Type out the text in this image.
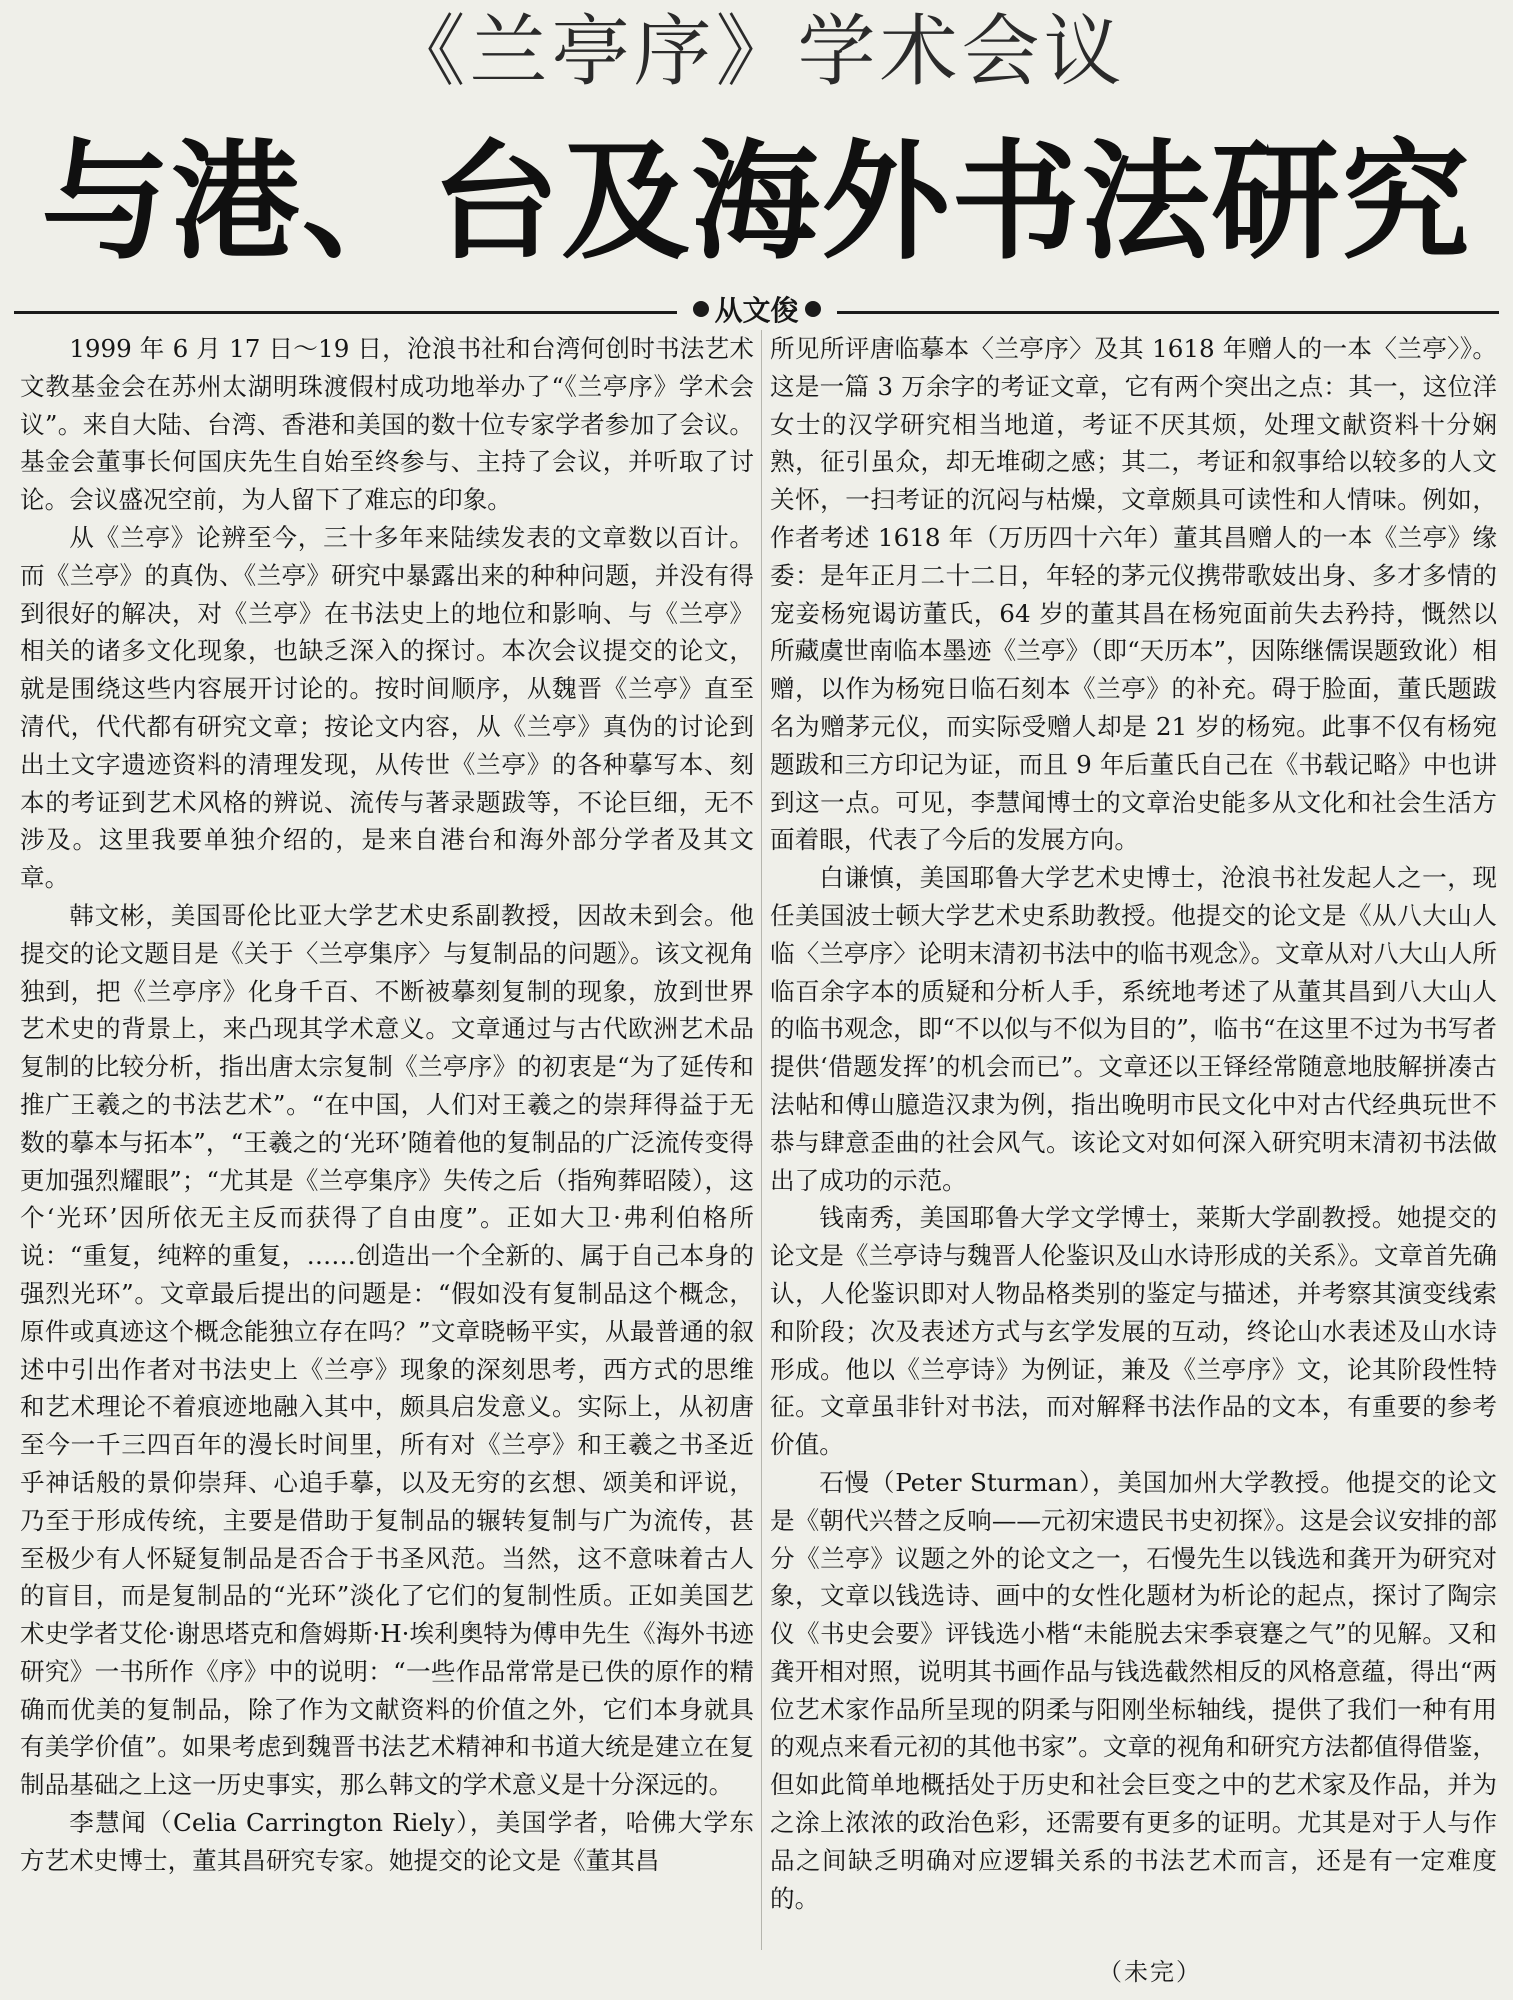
《兰亭序》学术会议
与港、台及海外书法研究
从文俊

1999 年 6 月 17 日～19 日，沧浪书社和台湾何创时书法艺术文教基金会在苏州太湖明珠渡假村成功地举办了“《兰亭序》学术会议”。来自大陆、台湾、香港和美国的数十位专家学者参加了会议。基金会董事长何国庆先生自始至终参与、主持了会议，并听取了讨论。会议盛况空前，为人留下了难忘的印象。

从《兰亭》论辨至今，三十多年来陆续发表的文章数以百计。而《兰亭》的真伪、《兰亭》研究中暴露出来的种种问题，并没有得到很好的解决，对《兰亭》在书法史上的地位和影响、与《兰亭》相关的诸多文化现象，也缺乏深入的探讨。本次会议提交的论文，就是围绕这些内容展开讨论的。按时间顺序，从魏晋《兰亭》直至清代，代代都有研究文章；按论文内容，从《兰亭》真伪的讨论到出土文字遗迹资料的清理发现，从传世《兰亭》的各种摹写本、刻本的考证到艺术风格的辨说、流传与著录题跋等，不论巨细，无不涉及。这里我要单独介绍的，是来自港台和海外部分学者及其文章。

韩文彬，美国哥伦比亚大学艺术史系副教授，因故未到会。他提交的论文题目是《关于〈兰亭集序〉与复制品的问题》。该文视角独到，把《兰亭序》化身千百、不断被摹刻复制的现象，放到世界艺术史的背景上，来凸现其学术意义。文章通过与古代欧洲艺术品复制的比较分析，指出唐太宗复制《兰亭序》的初衷是“为了延传和推广王羲之的书法艺术”。“在中国，人们对王羲之的崇拜得益于无数的摹本与拓本”，“王羲之的‘光环’随着他的复制品的广泛流传变得更加强烈耀眼”；“尤其是《兰亭集序》失传之后（指殉葬昭陵），这个‘光环’因所依无主反而获得了自由度”。正如大卫·弗利伯格所说：“重复，纯粹的重复，……创造出一个全新的、属于自己本身的强烈光环”。文章最后提出的问题是：“假如没有复制品这个概念，原件或真迹这个概念能独立存在吗？”文章晓畅平实，从最普通的叙述中引出作者对书法史上《兰亭》现象的深刻思考，西方式的思维和艺术理论不着痕迹地融入其中，颇具启发意义。实际上，从初唐至今一千三四百年的漫长时间里，所有对《兰亭》和王羲之书圣近乎神话般的景仰崇拜、心追手摹，以及无穷的玄想、颂美和评说，乃至于形成传统，主要是借助于复制品的辗转复制与广为流传，甚至极少有人怀疑复制品是否合于书圣风范。当然，这不意味着古人的盲目，而是复制品的“光环”淡化了它们的复制性质。正如美国艺术史学者艾伦·谢思塔克和詹姆斯·H·埃利奥特为傅申先生《海外书迹研究》一书所作《序》中的说明：“一些作品常常是已佚的原作的精确而优美的复制品，除了作为文献资料的价值之外，它们本身就具有美学价值”。如果考虑到魏晋书法艺术精神和书道大统是建立在复制品基础之上这一历史事实，那么韩文的学术意义是十分深远的。

李慧闻（Celia Carrington Riely），美国学者，哈佛大学东方艺术史博士，董其昌研究专家。她提交的论文是《董其昌

所见所评唐临摹本〈兰亭序〉及其 1618 年赠人的一本〈兰亭〉》。这是一篇 3 万余字的考证文章，它有两个突出之点：其一，这位洋女士的汉学研究相当地道，考证不厌其烦，处理文献资料十分娴熟，征引虽众，却无堆砌之感；其二，考证和叙事给以较多的人文关怀，一扫考证的沉闷与枯燥，文章颇具可读性和人情味。例如，作者考述 1618 年（万历四十六年）董其昌赠人的一本《兰亭》缘委：是年正月二十二日，年轻的茅元仪携带歌妓出身、多才多情的宠妾杨宛谒访董氏，64 岁的董其昌在杨宛面前失去矜持，慨然以所藏虞世南临本墨迹《兰亭》（即“天历本”，因陈继儒误题致讹）相赠，以作为杨宛日临石刻本《兰亭》的补充。碍于脸面，董氏题跋名为赠茅元仪，而实际受赠人却是 21 岁的杨宛。此事不仅有杨宛题跋和三方印记为证，而且 9 年后董氏自己在《书载记略》中也讲到这一点。可见，李慧闻博士的文章治史能多从文化和社会生活方面着眼，代表了今后的发展方向。

白谦慎，美国耶鲁大学艺术史博士，沧浪书社发起人之一，现任美国波士顿大学艺术史系助教授。他提交的论文是《从八大山人临〈兰亭序〉论明末清初书法中的临书观念》。文章从对八大山人所临百余字本的质疑和分析人手，系统地考述了从董其昌到八大山人的临书观念，即“不以似与不似为目的”，临书“在这里不过为书写者提供‘借题发挥’的机会而已”。文章还以王铎经常随意地肢解拼凑古法帖和傅山臆造汉隶为例，指出晚明市民文化中对古代经典玩世不恭与肆意歪曲的社会风气。该论文对如何深入研究明末清初书法做出了成功的示范。

钱南秀，美国耶鲁大学文学博士，莱斯大学副教授。她提交的论文是《兰亭诗与魏晋人伦鉴识及山水诗形成的关系》。文章首先确认，人伦鉴识即对人物品格类别的鉴定与描述，并考察其演变线索和阶段；次及表述方式与玄学发展的互动，终论山水表述及山水诗形成。他以《兰亭诗》为例证，兼及《兰亭序》文，论其阶段性特征。文章虽非针对书法，而对解释书法作品的文本，有重要的参考价值。

石慢（Peter Sturman），美国加州大学教授。他提交的论文是《朝代兴替之反响——元初宋遗民书史初探》。这是会议安排的部分《兰亭》议题之外的论文之一，石慢先生以钱选和龚开为研究对象，文章以钱选诗、画中的女性化题材为析论的起点，探讨了陶宗仪《书史会要》评钱选小楷“未能脱去宋季衰蹇之气”的见解。又和龚开相对照，说明其书画作品与钱选截然相反的风格意蕴，得出“两位艺术家作品所呈现的阴柔与阳刚坐标轴线，提供了我们一种有用的观点来看元初的其他书家”。文章的视角和研究方法都值得借鉴，但如此简单地概括处于历史和社会巨变之中的艺术家及作品，并为之涂上浓浓的政治色彩，还需要有更多的证明。尤其是对于人与作品之间缺乏明确对应逻辑关系的书法艺术而言，还是有一定难度的。

（未完）
